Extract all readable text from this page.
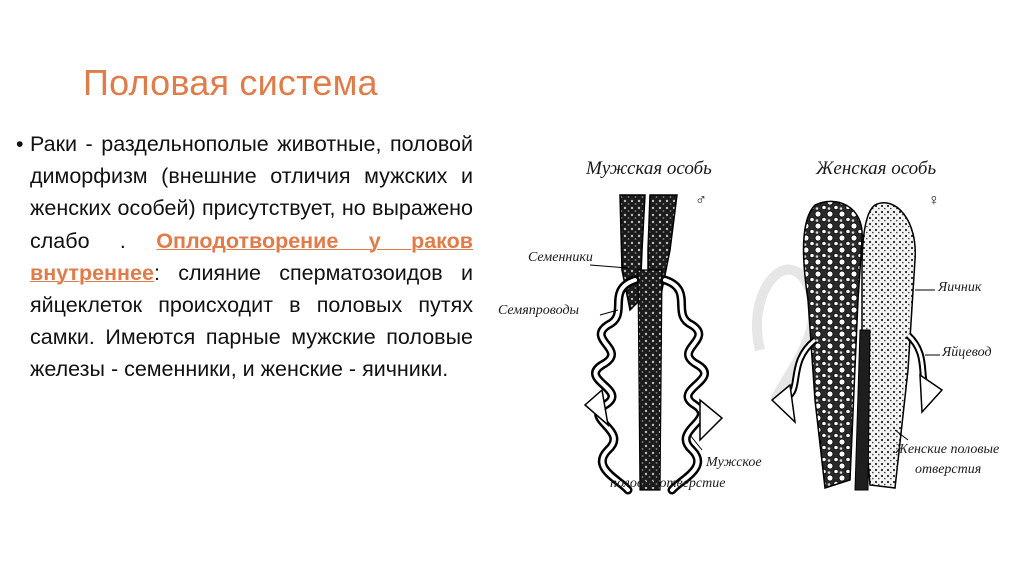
Половая система
• Раки - раздельнополые животные, половой диморфизм (внешние отличия мужских и женских особей) присутствует, но выражено слабо . Оплодотворение у раков внутреннее: слияние сперматозоидов и яйцеклеток происходит в половых путях самки. Имеются парные мужские половые железы - семенники, и женские - яичники.
Мужская особь
♂
Женская особь
♀
Семенники
Семяпроводы
Мужское
половое отверстие
Яичник
Яйцевод
Женские половые
отверстия
